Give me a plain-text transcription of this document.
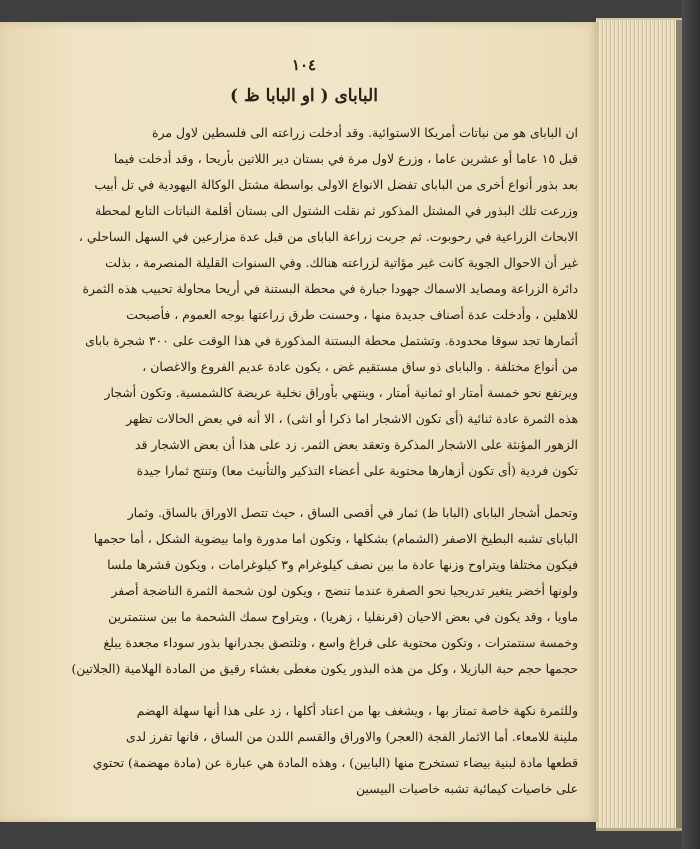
١٠٤
البابای ( او البابا ظ )
ان البابای هو من نباتات أمريكا الاستوائية. وقد أدخلت زراعته الى فلسطين لاول مرة
قبل ١٥ عاما أو عشرين عاما ، وزرع لاول مرة في بستان دير اللاتين بأريحا ، وقد أدخلت فيما
بعد بذور أنواع أخرى من البابای تفضل الانواع الاولى بواسطة مشتل الوكالة اليهودية في تل أبيب
وزرعت تلك البذور في المشتل المذكور ثم نقلت الشتول الى بستان أقلمة النباتات التابع لمحطة
الابحاث الزراعية في رحوبوت. ثم جربت زراعة البابای من قبل عدة مزارعين في السهل الساحلي ،
غير أن الاحوال الجوية كانت غير مؤاتية لزراعته هنالك. وفي السنوات القليلة المنصرمة ، بذلت
دائرة الزراعة ومصايد الاسماك جهودا جبارة في محطة البستنة في أريحا محاولة تحبيب هذه الثمرة
للاهلين ، وأدخلت عدة أصناف جديدة منها ، وحسنت طرق زراعتها بوجه العموم ، فأصبحت
أثمارها تجد سوقا محدودة. وتشتمل محطة البستنة المذكورة في هذا الوقت على ٣٠٠ شجرة بابای
من أنواع مختلفة . والبابای ذو ساق مستقيم غض ، يكون عادة عديم الفروع والاغصان ،
ويرتفع نحو خمسة أمتار او ثمانية أمتار ، وينتهي بأوراق نخلية عريضة كالشمسية. وتكون أشجار
هذه الثمرة عادة ثنائية (أى تكون الاشجار اما ذكرا أو انثى) ، الا أنه في بعض الحالات تظهر
الزهور المؤنثة على الاشجار المذكرة وتعقد بعض الثمر. زد على هذا أن بعض الاشجار قد
تكون فردية (أى تكون أزهارها محتوية على أعضاء التذكير والتأنيث معا) وتنتج ثمارا جيدة
وتحمل أشجار البابای (البابا ظ) ثمار في أقصى الساق ، حيث تتصل الاوراق بالساق. وثمار
البابای تشبه البطيخ الاصفر (الشمام) بشكلها ، وتكون اما مدورة واما بيضوية الشكل ، أما حجمها
فيكون مختلفا ويتراوح وزنها عادة ما بين نصف كيلوغرام و٣ كيلوغرامات ، ويكون قشرها ملسا
ولونها أخضر يتغير تدريجيا نحو الصفرة عندما تنضج ، ويكون لون شحمة الثمرة الناضجة أصفر
ماويا ، وقد يكون في بعض الاحيان (قرنفليا ، زهريا) ، ويتراوح سمك الشحمة ما بين سنتمترين
وخمسة سنتمترات ، وتكون محتوية على فراغ واسع ، وتلتصق بجدرانها بذور سوداء مجعدة يبلغ
حجمها حجم حبة البازيلا ، وكل من هذه البذور يكون مغطى بغشاء رقيق من المادة الهلامية (الجلاتين)
وللثمرة نكهة خاصة تمتاز بها ، ويشغف بها من اعتاد أكلها ، زد على هذا أنها سهلة الهضم
ملينة للامعاء. أما الاثمار الفجة (العجر) والاوراق والقسم اللدن من الساق ، فانها تفرز لدى
قطعها مادة لبنية بيضاء تستخرج منها (البابين) ، وهذه المادة هي عبارة عن (مادة مهضمة) تحتوي
على خاصيات كيمائية تشبه خاصيات البيسين
